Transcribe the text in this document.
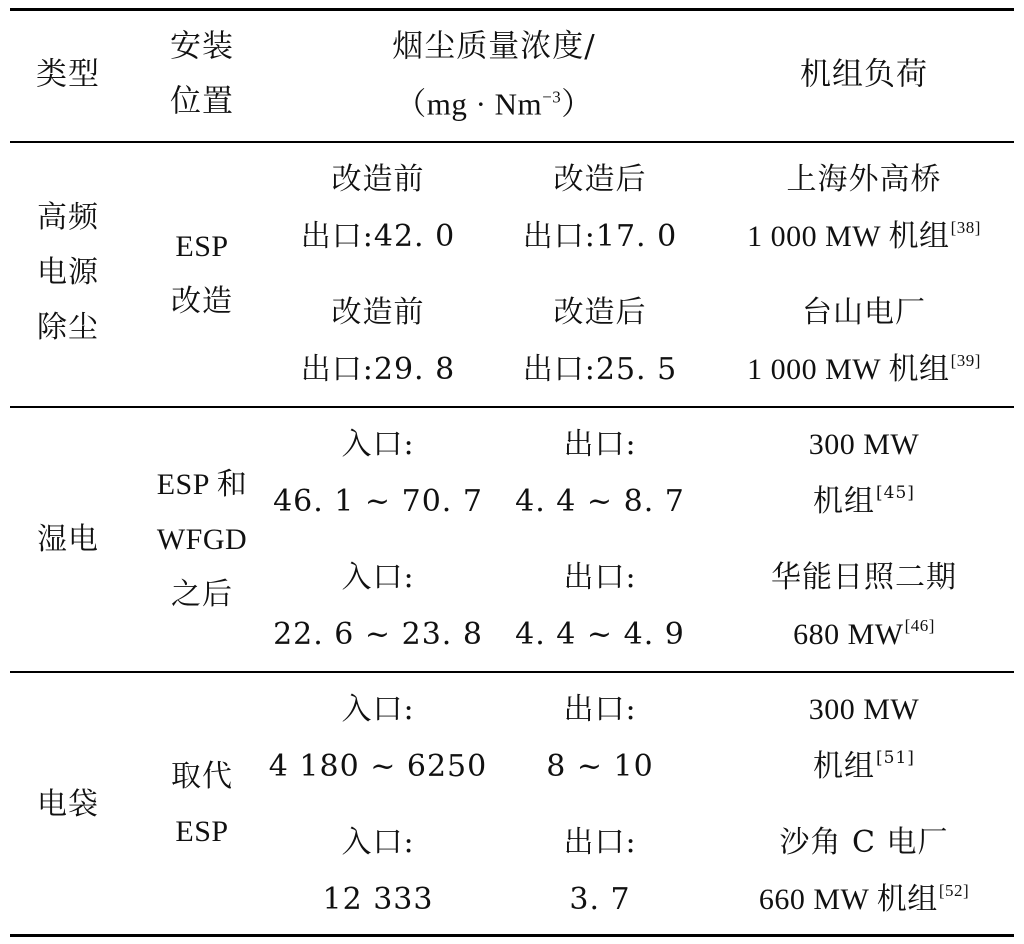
类型
安装
位置
烟尘质量浓度/
$(mg \cdot Nm^{-3})$
机组负荷
高频
电源
除尘
ESP
改造
改造前
出口:42. 0
改造后
出口:17. 0
上海外高桥
1 000 MW 机组[38]
改造前
出口:29. 8
改造后
出口:25. 5
台山电厂
1 000 MW 机组[39]
湿电
ESP 和
WFGD
之后
入口:
46. 1 ~ 70. 7
出口:
4. 4 ~ 8. 7
300 MW
机组[45]
入口:
22. 6 ~ 23. 8
出口:
4. 4 ~ 4. 9
华能日照二期
680 MW[46]
电袋
取代
ESP
入口:
4 180 ~ 6250
出口:
8 ~ 10
300 MW
机组[51]
入口:
12 333
出口:
3. 7
沙角 C 电厂
660 MW 机组[52]
